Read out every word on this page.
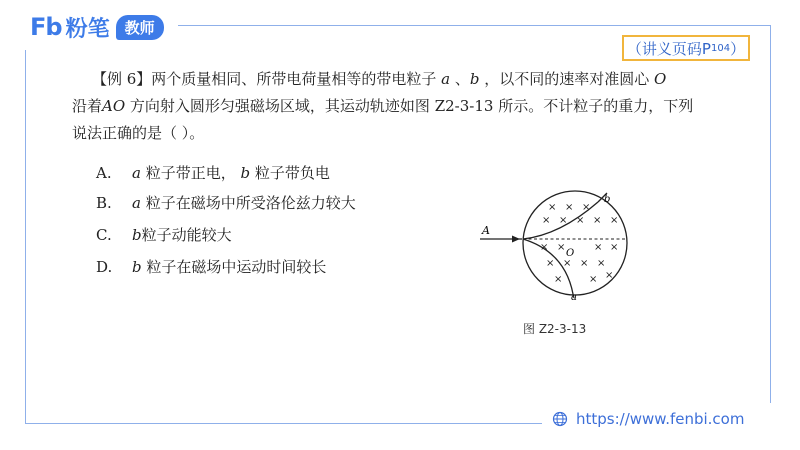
Fb 粉笔	教师
（讲义页码P 104 ）

【例 6】两个质量相同、所带电荷量相等的带电粒子 a 、b ，以不同的速率对准圆心 O

沿着AO 方向射入圆形匀强磁场区域，其运动轨迹如图 Z2-3-13 所示。不计粒子的重力，下列

说法正确的是（ ）。

A. a 粒子带正电， b 粒子带负电
B. a 粒子在磁场中所受洛伦兹力较大
C. b粒子动能较大
D. b 粒子在磁场中运动时间较长
A
O
b
a
× × ×
× × × × ×
× ×	× ×
× × × ×
×	× ×
图 Z2-3-13
https://www.fenbi.com
